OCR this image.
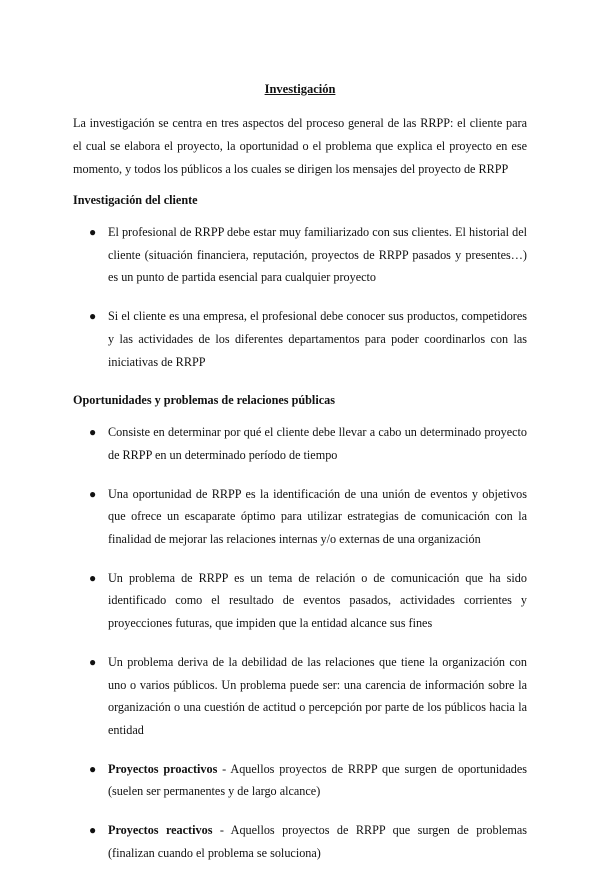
Investigación

La investigación se centra en tres aspectos del proceso general de las RRPP: el cliente para el cual se elabora el proyecto, la oportunidad o el problema que explica el proyecto en ese momento, y todos los públicos a los cuales se dirigen los mensajes del proyecto de RRPP

Investigación del cliente
● El profesional de RRPP debe estar muy familiarizado con sus clientes. El historial del cliente (situación financiera, reputación, proyectos de RRPP pasados y presentes…) es un punto de partida esencial para cualquier proyecto
● Si el cliente es una empresa, el profesional debe conocer sus productos, competidores y las actividades de los diferentes departamentos para poder coordinarlos con las iniciativas de RRPP
Oportunidades y problemas de relaciones públicas
● Consiste en determinar por qué el cliente debe llevar a cabo un determinado proyecto de RRPP en un determinado período de tiempo
● Una oportunidad de RRPP es la identificación de una unión de eventos y objetivos que ofrece un escaparate óptimo para utilizar estrategias de comunicación con la finalidad de mejorar las relaciones internas y/o externas de una organización
● Un problema de RRPP es un tema de relación o de comunicación que ha sido identificado como el resultado de eventos pasados, actividades corrientes y proyecciones futuras, que impiden que la entidad alcance sus fines
● Un problema deriva de la debilidad de las relaciones que tiene la organización con uno o varios públicos. Un problema puede ser: una carencia de información sobre la organización o una cuestión de actitud o percepción por parte de los públicos hacia la entidad
● Proyectos proactivos - Aquellos proyectos de RRPP que surgen de oportunidades (suelen ser permanentes y de largo alcance)
● Proyectos reactivos - Aquellos proyectos de RRPP que surgen de problemas (finalizan cuando el problema se soluciona)
